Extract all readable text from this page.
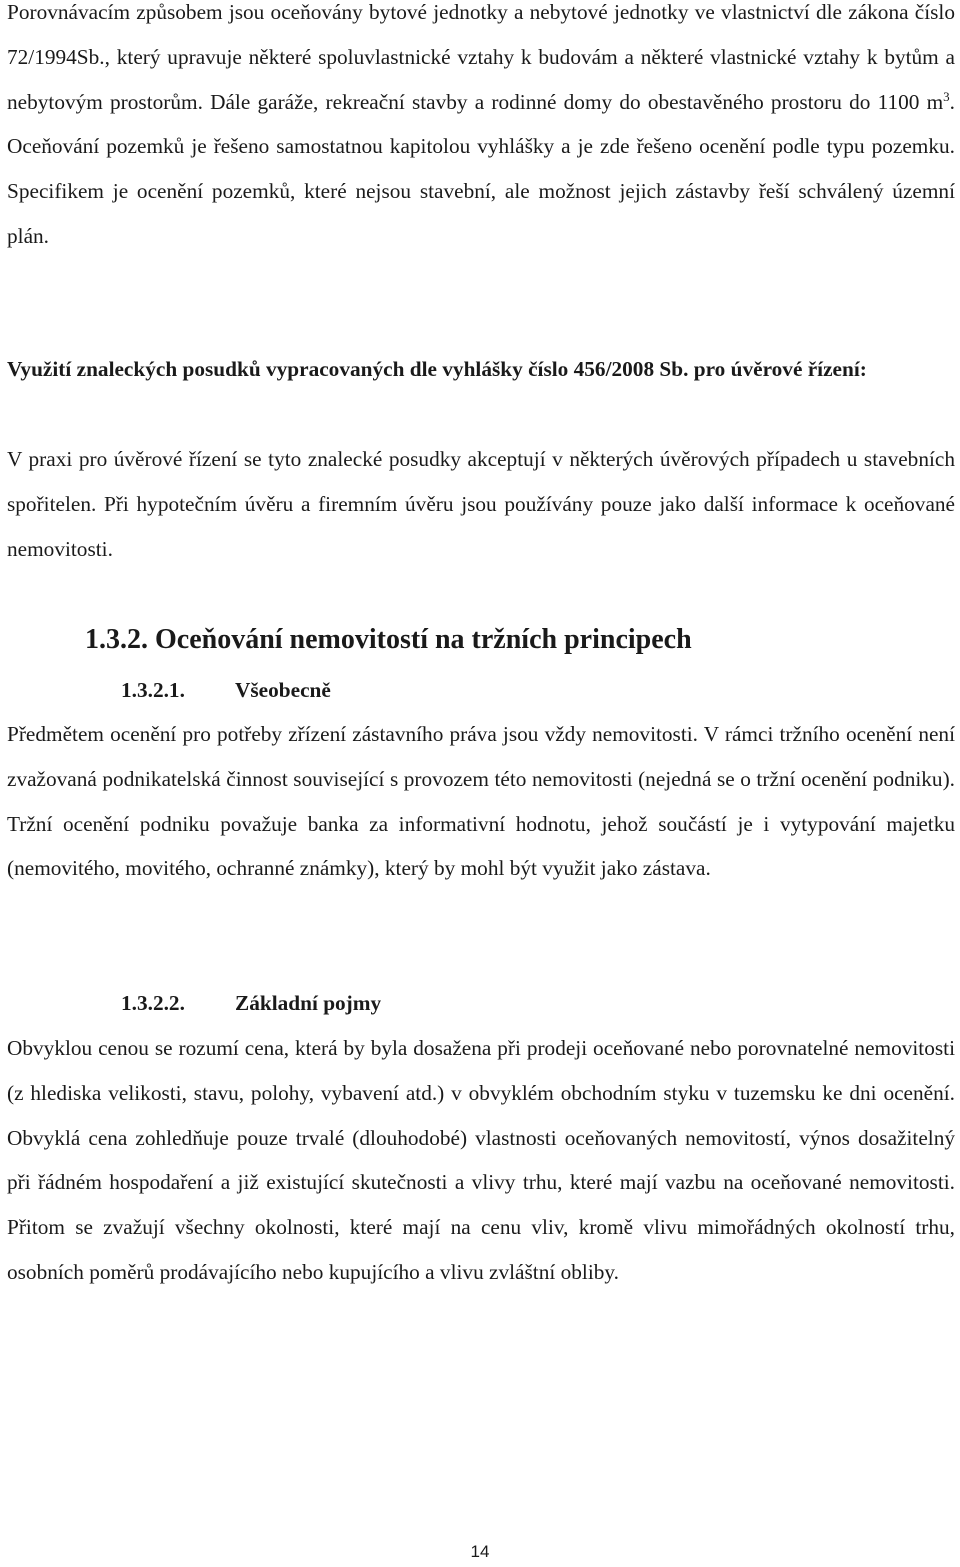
Porovnávacím způsobem jsou oceňovány bytové jednotky a nebytové jednotky ve vlastnictví dle zákona číslo 72/1994Sb., který upravuje některé spoluvlastnické vztahy k budovám a některé vlastnické vztahy k bytům a nebytovým prostorům. Dále garáže, rekreační stavby a rodinné domy do obestavěného prostoru do 1100 $m^3$. Oceňování pozemků je řešeno samostatnou kapitolou vyhlášky a je zde řešeno ocenění podle typu pozemku. Specifikem je ocenění pozemků, které nejsou stavební, ale možnost jejich zástavby řeší schválený územní plán.

Využití znaleckých posudků vypracovaných dle vyhlášky číslo 456/2008 Sb. pro úvěrové řízení:

V praxi pro úvěrové řízení se tyto znalecké posudky akceptují v některých úvěrových případech u stavebních spořitelen. Při hypotečním úvěru a firemním úvěru jsou používány pouze jako další informace k oceňované nemovitosti.

1.3.2. Oceňování nemovitostí na tržních principech
1.3.2.1.	Všeobecně

Předmětem ocenění pro potřeby zřízení zástavního práva jsou vždy nemovitosti. V rámci tržního ocenění není zvažovaná podnikatelská činnost související s provozem této nemovitosti (nejedná se o tržní ocenění podniku). Tržní ocenění podniku považuje banka za informativní hodnotu, jehož součástí je i vytypování majetku (nemovitého, movitého, ochranné známky), který by mohl být využit jako zástava.

1.3.2.2.	Základní pojmy

Obvyklou cenou se rozumí cena, která by byla dosažena při prodeji oceňované nebo porovnatelné nemovitosti (z hlediska velikosti, stavu, polohy, vybavení atd.) v obvyklém obchodním styku v tuzemsku ke dni ocenění. Obvyklá cena zohledňuje pouze trvalé (dlouhodobé) vlastnosti oceňovaných nemovitostí, výnos dosažitelný při řádném hospodaření a již existující skutečnosti a vlivy trhu, které mají vazbu na oceňované nemovitosti. Přitom se zvažují všechny okolnosti, které mají na cenu vliv, kromě vlivu mimořádných okolností trhu, osobních poměrů prodávajícího nebo kupujícího a vlivu zvláštní obliby.

14
